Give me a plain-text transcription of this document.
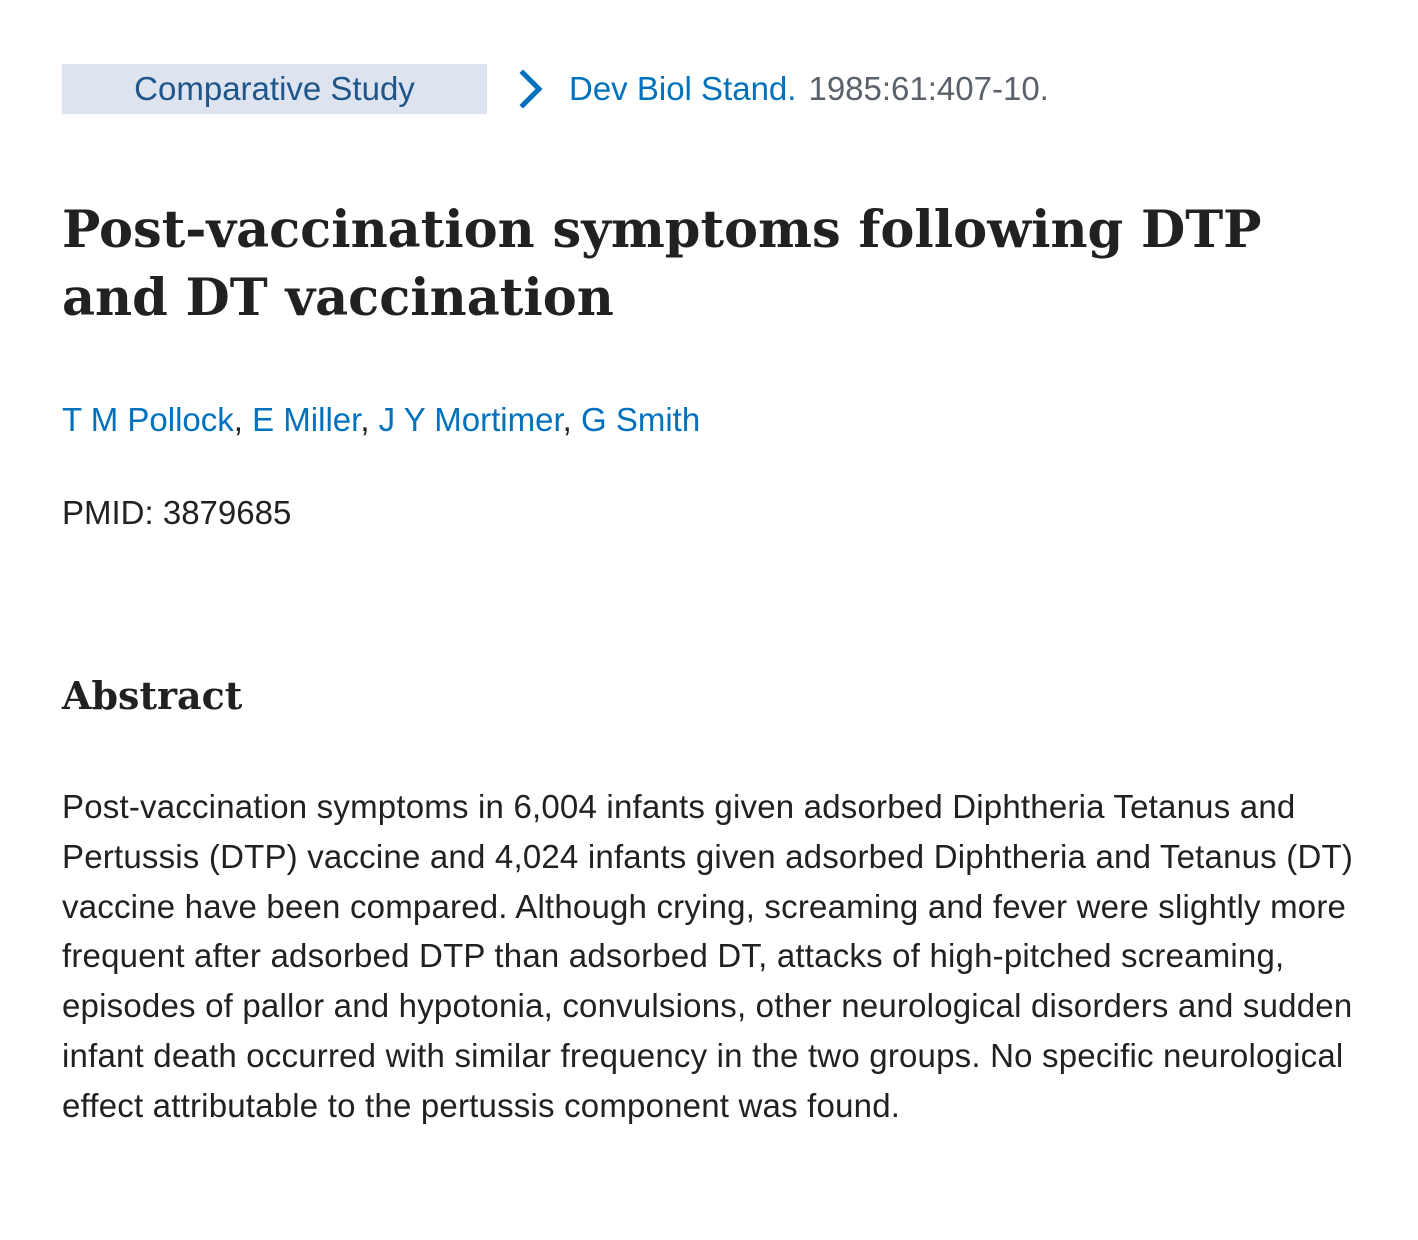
Comparative Study	Dev Biol Stand. 1985:61:407-10.
Post-vaccination symptoms following DTP and DT vaccination
T M Pollock, E Miller, J Y Mortimer, G Smith
PMID: 3879685
Abstract

Post-vaccination symptoms in 6,004 infants given adsorbed Diphtheria Tetanus and Pertussis (DTP) vaccine and 4,024 infants given adsorbed Diphtheria and Tetanus (DT) vaccine have been compared. Although crying, screaming and fever were slightly more frequent after adsorbed DTP than adsorbed DT, attacks of high-pitched screaming, episodes of pallor and hypotonia, convulsions, other neurological disorders and sudden infant death occurred with similar frequency in the two groups. No specific neurological effect attributable to the pertussis component was found.
